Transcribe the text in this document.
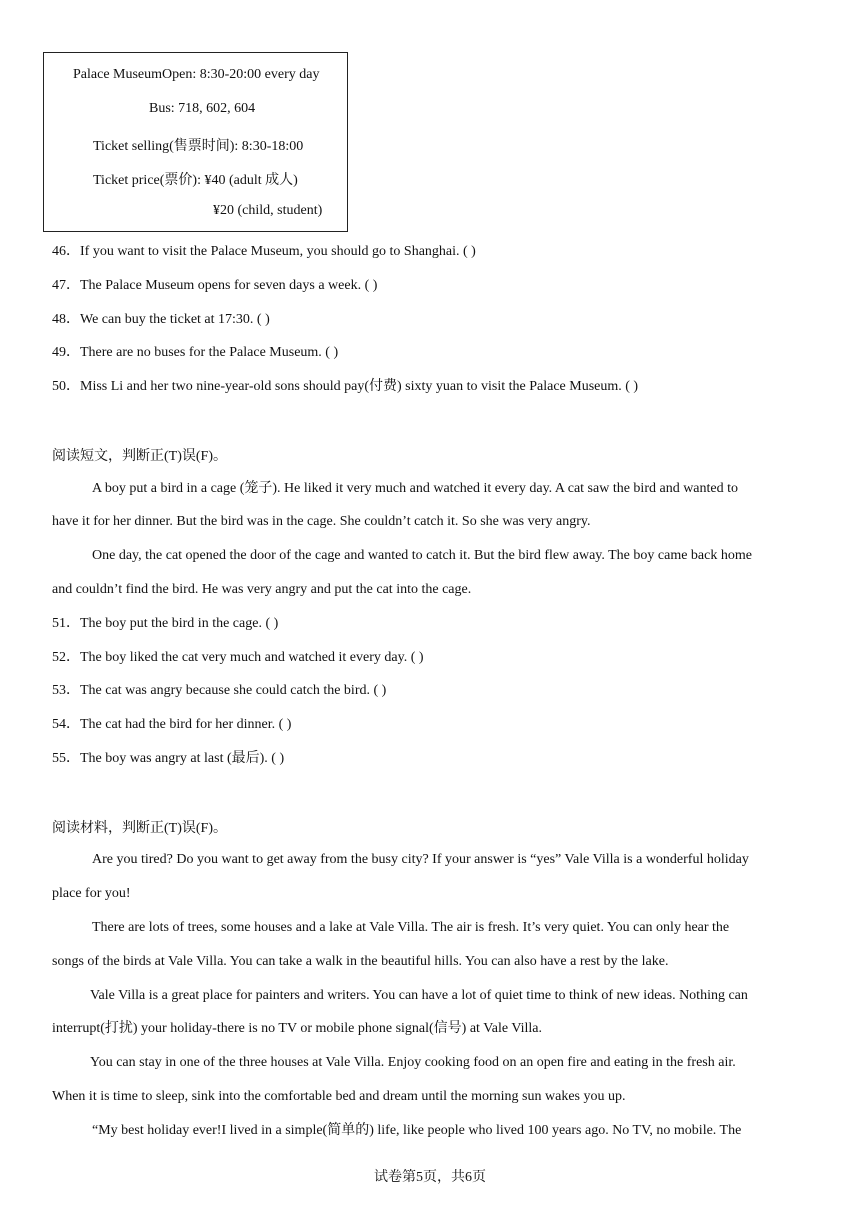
Palace MuseumOpen: 8:30-20:00 every day
Bus: 718, 602, 604
Ticket selling(售票时间): 8:30-18:00
Ticket price(票价): ¥40 (adult 成人)
¥20 (child, student)
46．If you want to visit the Palace Museum, you should go to Shanghai. ( )
47．The Palace Museum opens for seven days a week. ( )
48．We can buy the ticket at 17:30. ( )
49．There are no buses for the Palace Museum. ( )
50．Miss Li and her two nine-year-old sons should pay(付费) sixty yuan to visit the Palace Museum. ( )
阅读短文，判断正(T)误(F)。
A boy put a bird in a cage (笼子). He liked it very much and watched it every day. A cat saw the bird and wanted to
have it for her dinner. But the bird was in the cage. She couldn’t catch it. So she was very angry.
One day, the cat opened the door of the cage and wanted to catch it. But the bird flew away. The boy came back home
and couldn’t find the bird. He was very angry and put the cat into the cage.
51．The boy put the bird in the cage. ( )
52．The boy liked the cat very much and watched it every day. ( )
53．The cat was angry because she could catch the bird. ( )
54．The cat had the bird for her dinner. ( )
55．The boy was angry at last (最后). ( )
阅读材料，判断正(T)误(F)。
Are you tired? Do you want to get away from the busy city? If your answer is “yes” Vale Villa is a wonderful holiday
place for you!
There are lots of trees, some houses and a lake at Vale Villa. The air is fresh. It’s very quiet. You can only hear the
songs of the birds at Vale Villa. You can take a walk in the beautiful hills. You can also have a rest by the lake.
Vale Villa is a great place for painters and writers. You can have a lot of quiet time to think of new ideas. Nothing can
interrupt(打扰) your holiday-there is no TV or mobile phone signal(信号) at Vale Villa.
You can stay in one of the three houses at Vale Villa. Enjoy cooking food on an open fire and eating in the fresh air.
When it is time to sleep, sink into the comfortable bed and dream until the morning sun wakes you up.
“My best holiday ever!I lived in a simple(简单的) life, like people who lived 100 years ago. No TV, no mobile. The
试卷第5页，共6页
